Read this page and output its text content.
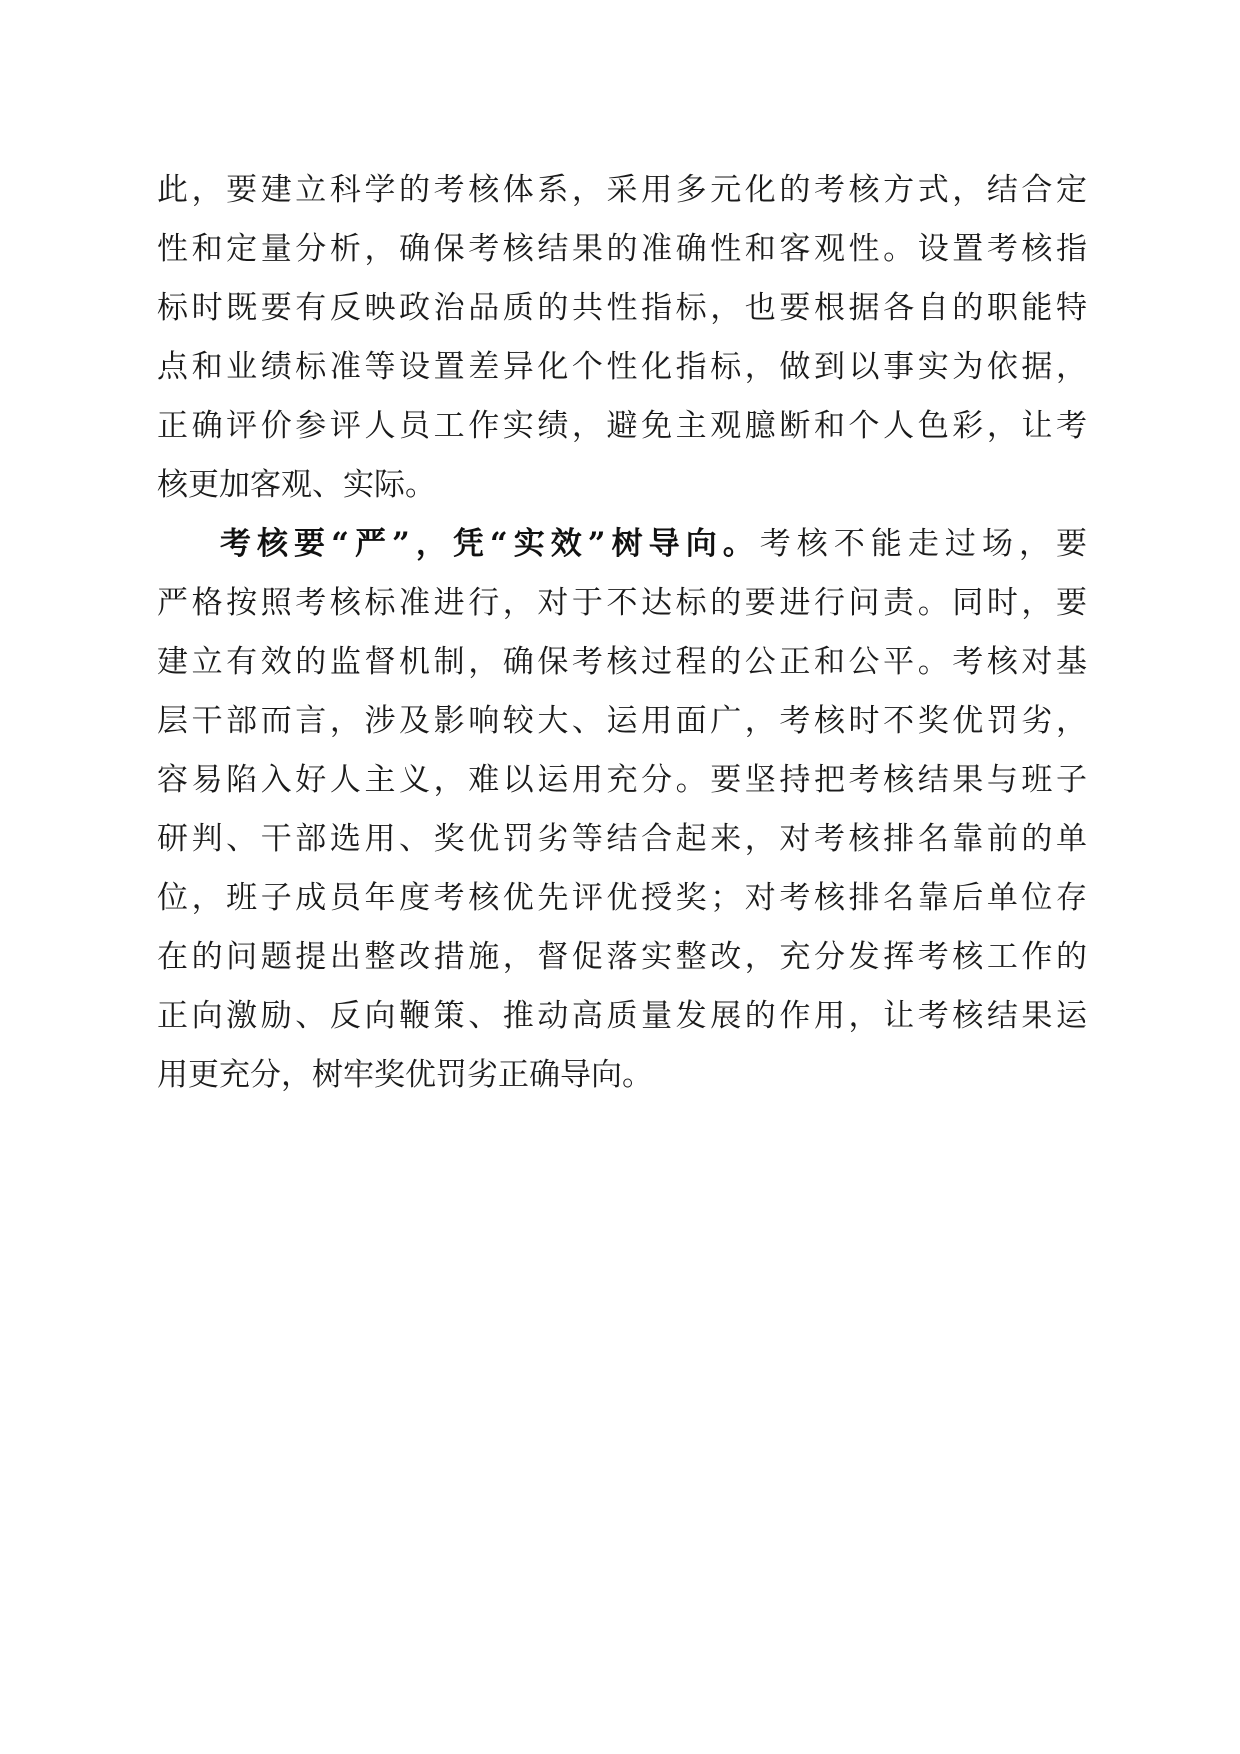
此，要建立科学的考核体系，采用多元化的考核方式，结合定
性和定量分析，确保考核结果的准确性和客观性。设置考核指
标时既要有反映政治品质的共性指标，也要根据各自的职能特
点和业绩标准等设置差异化个性化指标，做到以事实为依据，
正确评价参评人员工作实绩，避免主观臆断和个人色彩，让考
核更加客观、实际。
考核要“严”，凭“实效”树导向。考核不能走过场，要
严格按照考核标准进行，对于不达标的要进行问责。同时，要
建立有效的监督机制，确保考核过程的公正和公平。考核对基
层干部而言，涉及影响较大、运用面广，考核时不奖优罚劣，
容易陷入好人主义，难以运用充分。要坚持把考核结果与班子
研判、干部选用、奖优罚劣等结合起来，对考核排名靠前的单
位，班子成员年度考核优先评优授奖；对考核排名靠后单位存
在的问题提出整改措施，督促落实整改，充分发挥考核工作的
正向激励、反向鞭策、推动高质量发展的作用，让考核结果运
用更充分，树牢奖优罚劣正确导向。
